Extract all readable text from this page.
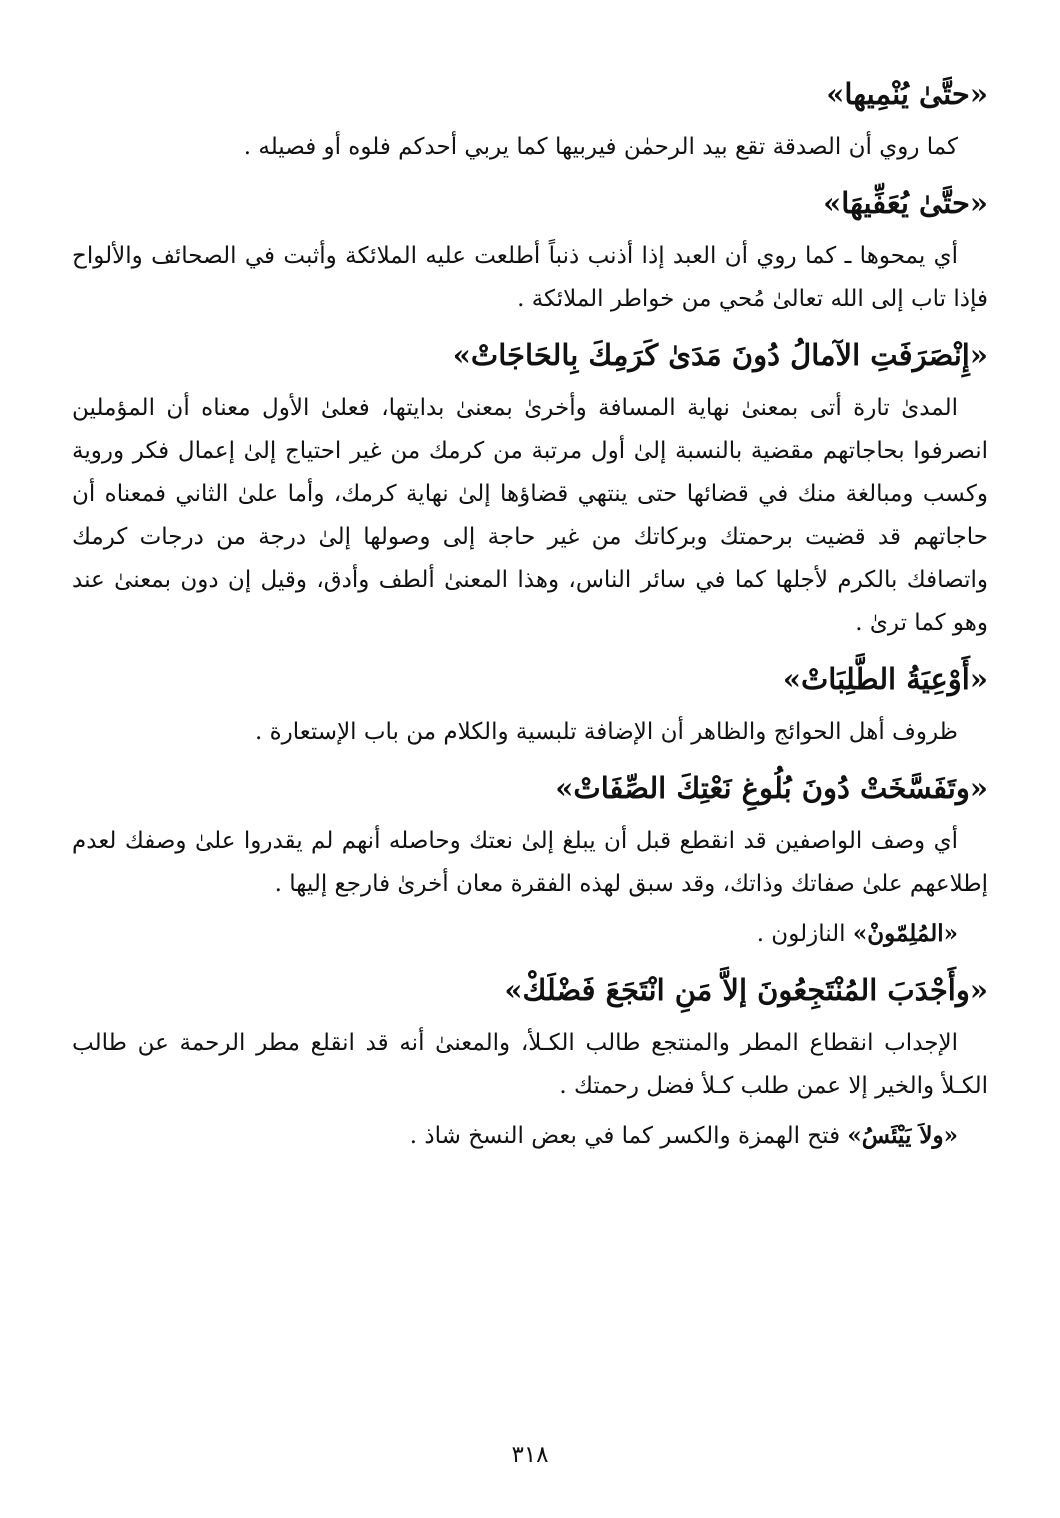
«حتَّىٰ يُنْمِيها»

كما روي أن الصدقة تقع بيد الرحمٰن فيربيها كما يربي أحدكم فلوه أو فصيله .

«حتَّىٰ يُعَفِّيهَا»

أي يمحوها ـ كما روي أن العبد إذا أذنب ذنباً أطلعت عليه الملائكة وأثبت في الصحائف والألواح فإذا تاب إلى الله تعالىٰ مُحي من خواطر الملائكة .

«إِنْصَرَفَتِ الآمالُ دُونَ مَدَىٰ كَرَمِكَ بِالحَاجَاتْ»

المدىٰ تارة أتى بمعنىٰ نهاية المسافة وأخرىٰ بمعنىٰ بدايتها، فعلىٰ الأول معناه أن المؤملين انصرفوا بحاجاتهم مقضية بالنسبة إلىٰ أول مرتبة من كرمك من غير احتياج إلىٰ إعمال فكر وروية وكسب ومبالغة منك في قضائها حتى ينتهي قضاؤها إلىٰ نهاية كرمك، وأما علىٰ الثاني فمعناه أن حاجاتهم قد قضيت برحمتك وبركاتك من غير حاجة إلى وصولها إلىٰ درجة من درجات كرمك واتصافك بالكرم لأجلها كما في سائر الناس، وهذا المعنىٰ ألطف وأدق، وقيل إن دون بمعنىٰ عند وهو كما ترىٰ .

«أَوْعِيَةُ الطَّلِبَاتْ»

ظروف أهل الحوائج والظاهر أن الإضافة تلبسية والكلام من باب الإستعارة .

«وتَفَسَّخَتْ دُونَ بُلُوغِ نَعْتِكَ الصِّفَاتْ»

أي وصف الواصفين قد انقطع قبل أن يبلغ إلىٰ نعتك وحاصله أنهم لم يقدروا علىٰ وصفك لعدم إطلاعهم علىٰ صفاتك وذاتك، وقد سبق لهذه الفقرة معان أخرىٰ فارجع إليها .

«المُلِمّونْ» النازلون .

«وأَجْدَبَ المُنْتَجِعُونَ إلاَّ مَنِ انْتَجَعَ فَضْلَكْ»

الإجداب انقطاع المطر والمنتجع طالب الكـلأ، والمعنىٰ أنه قد انقلع مطر الرحمة عن طالب الكـلأ والخير إلا عمن طلب كـلأ فضل رحمتك .

«ولاَ يَيْئَسُ» فتح الهمزة والكسر كما في بعض النسخ شاذ .

٣١٨
